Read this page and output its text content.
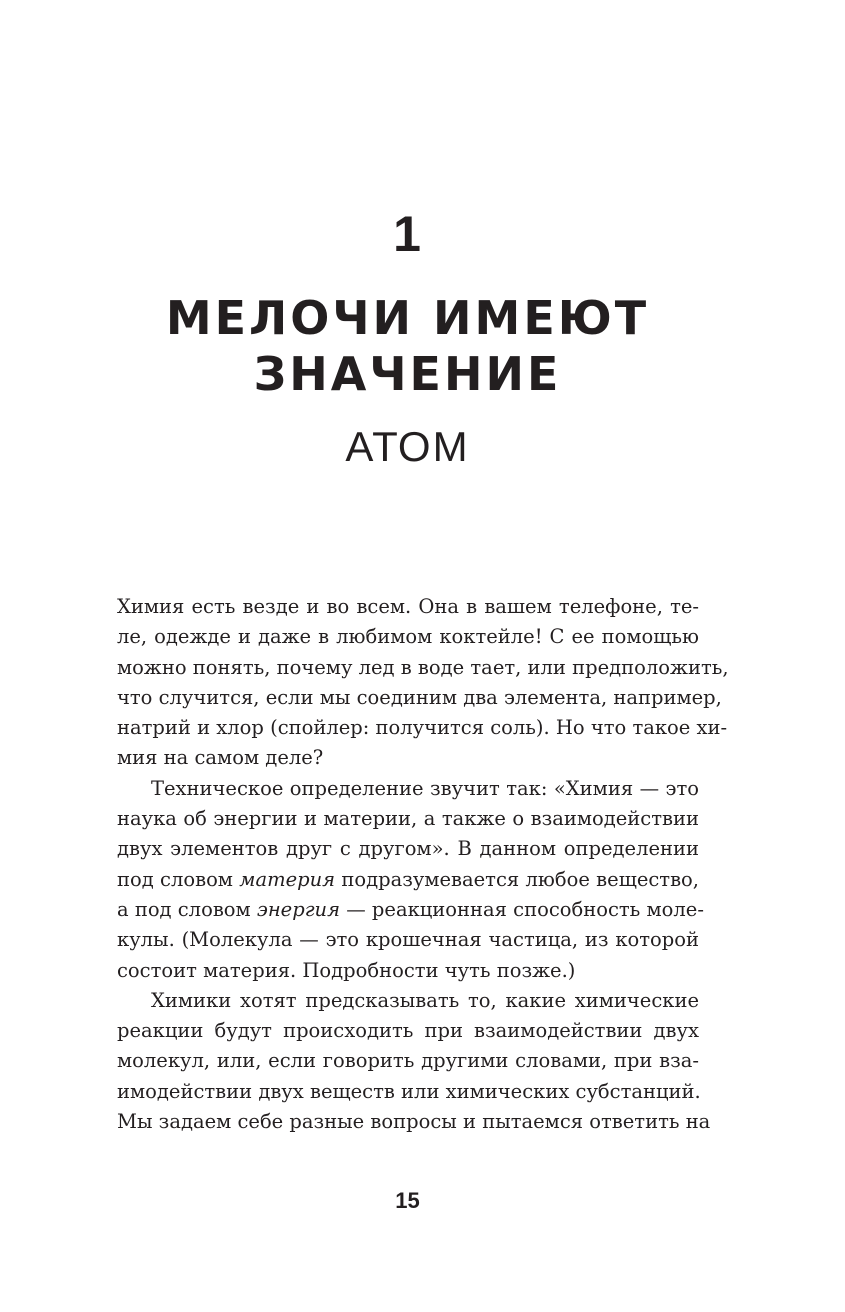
1
МЕЛОЧИ ИМЕЮТ
ЗНАЧЕНИЕ
АТОМ

Химия есть везде и во всем. Она в вашем телефоне, те-
ле, одежде и даже в любимом коктейле! С ее помощью
можно понять, почему лед в воде тает, или предположить,
что случится, если мы соединим два элемента, например,
натрий и хлор (спойлер: получится соль). Но что такое хи-
мия на самом деле?

Техническое определение звучит так: «Химия — это
наука об энергии и материи, а также о взаимодействии
двух элементов друг с другом». В данном определении
под словом материя подразумевается любое вещество,
а под словом энергия — реакционная способность моле-
кулы. (Молекула — это крошечная частица, из которой
состоит материя. Подробности чуть позже.)

Химики хотят предсказывать то, какие химические
реакции будут происходить при взаимодействии двух
молекул, или, если говорить другими словами, при вза-
имодействии двух веществ или химических субстанций.
Мы задаем себе разные вопросы и пытаемся ответить на

15
